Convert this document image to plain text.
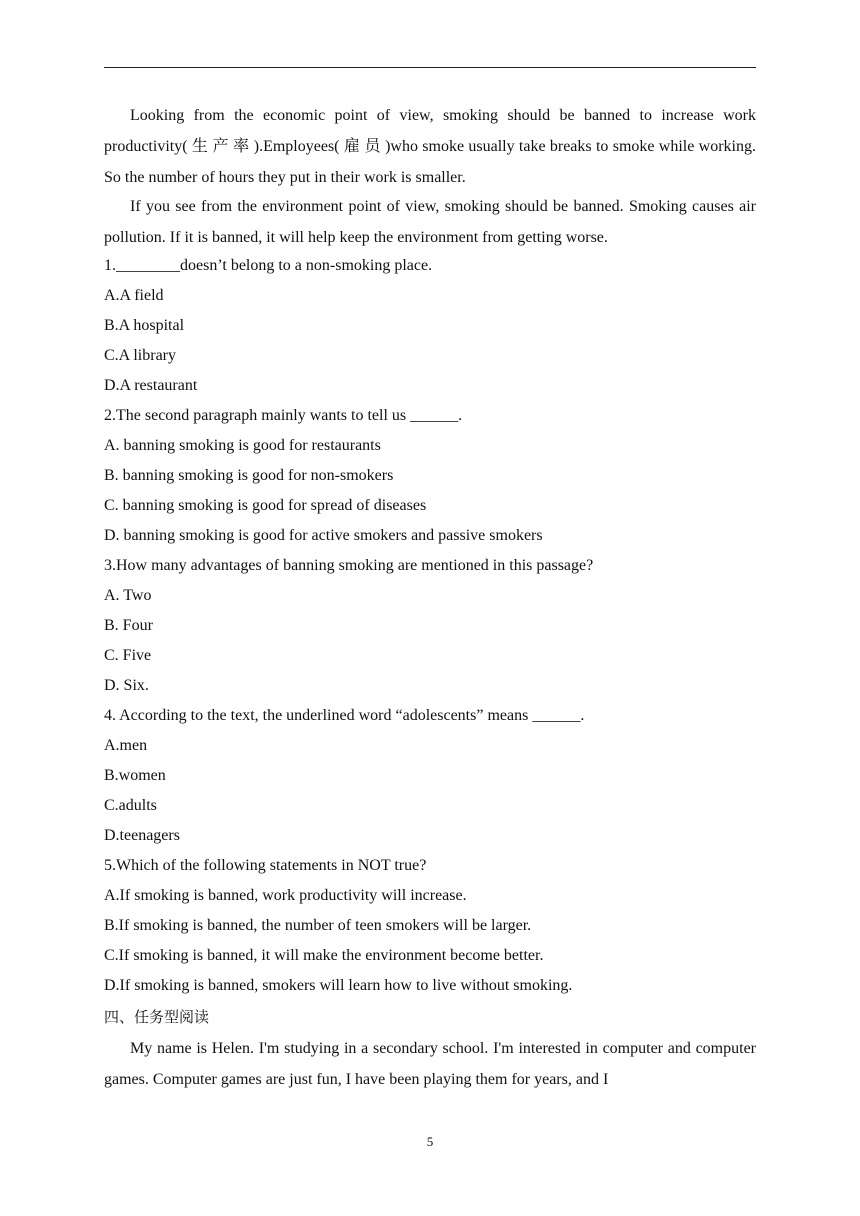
Looking from the economic point of view, smoking should be banned to increase work productivity( 生 产 率 ).Employees( 雇 员 )who smoke usually take breaks to smoke while working. So the number of hours they put in their work is smaller.

If you see from the environment point of view, smoking should be banned. Smoking causes air pollution. If it is banned, it will help keep the environment from getting worse.

1.________doesn’t belong to a non-smoking place.
A.A field
B.A hospital
C.A library
D.A restaurant
2.The second paragraph mainly wants to tell us ______.
A. banning smoking is good for restaurants
B. banning smoking is good for non-smokers
C. banning smoking is good for spread of diseases
D. banning smoking is good for active smokers and passive smokers
3.How many advantages of banning smoking are mentioned in this passage?
A. Two
B. Four
C. Five
D. Six.
4. According to the text, the underlined word “adolescents” means ______.
A.men
B.women
C.adults
D.teenagers
5.Which of the following statements in NOT true?
A.If smoking is banned, work productivity will increase.
B.If smoking is banned, the number of teen smokers will be larger.
C.If smoking is banned, it will make the environment become better.
D.If smoking is banned, smokers will learn how to live without smoking.
四、任务型阅读

My name is Helen. I'm studying in a secondary school. I'm interested in computer and computer games. Computer games are just fun, I have been playing them for years, and I

5
